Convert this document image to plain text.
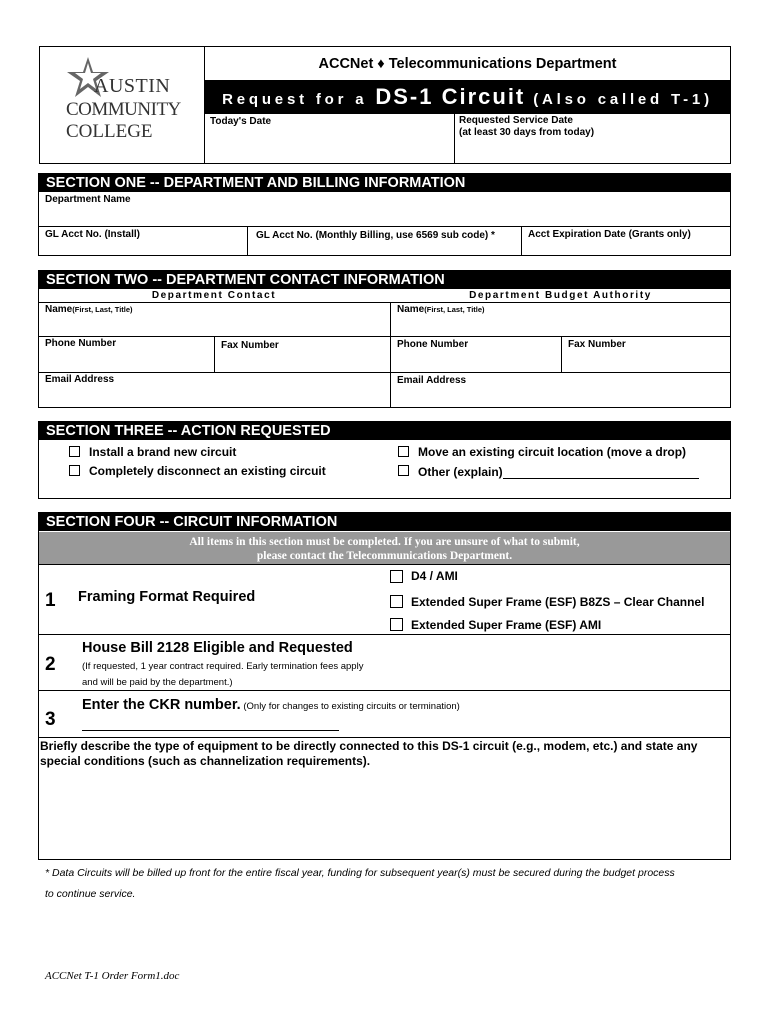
AUSTIN
COMMUNITY
COLLEGE
ACCNet ♦ Telecommunications Department
Request for a DS-1 Circuit (Also called T-1)
Today's Date	Requested Service Date
(at least 30 days from today)
SECTION ONE -- DEPARTMENT AND BILLING INFORMATION
Department Name
GL Acct No. (Install)	GL Acct No. (Monthly Billing, use 6569 sub code) *	Acct Expiration Date (Grants only)
SECTION TWO -- DEPARTMENT CONTACT INFORMATION
Department Contact	Department Budget Authority
Name(First, Last, Title)	Name(First, Last, Title)
Phone Number	Fax Number	Phone Number	Fax Number
Email Address	Email Address
SECTION THREE -- ACTION REQUESTED
Install a brand new circuit
Completely disconnect an existing circuit
Move an existing circuit location (move a drop)
Other (explain)
SECTION FOUR -- CIRCUIT INFORMATION
All items in this section must be completed. If you are unsure of what to submit,
please contact the Telecommunications Department.
1 Framing Format Required
D4 / AMI
Extended Super Frame (ESF) B8ZS – Clear Channel
Extended Super Frame (ESF) AMI
2
House Bill 2128 Eligible and Requested
(If requested, 1 year contract required. Early termination fees apply
and will be paid by the department.)
3
Enter the CKR number. (Only for changes to existing circuits or termination)
Briefly describe the type of equipment to be directly connected to this DS-1 circuit (e.g., modem, etc.) and state any special conditions (such as channelization requirements).
* Data Circuits will be billed up front for the entire fiscal year, funding for subsequent year(s) must be secured during the budget process
to continue service.
ACCNet T-1 Order Form1.doc
